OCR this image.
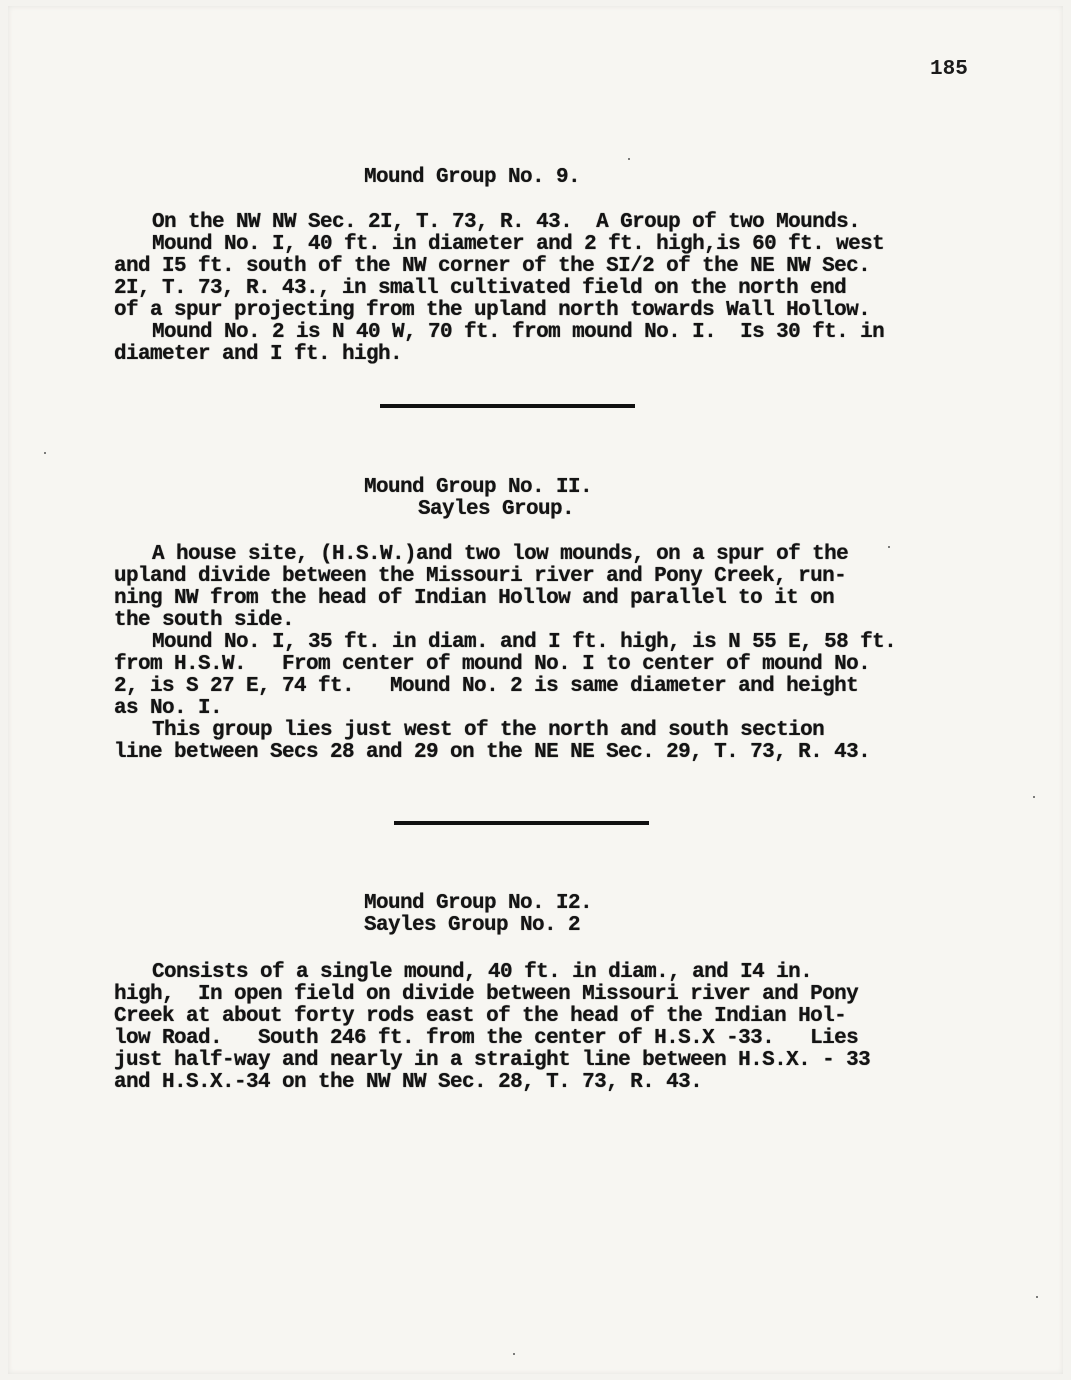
185
Mound Group No. 9.
On the NW NW Sec. 2I, T. 73, R. 43.  A Group of two Mounds.
Mound No. I, 40 ft. in diameter and 2 ft. high,is 60 ft. west
and I5 ft. south of the NW corner of the SI/2 of the NE NW Sec.
2I, T. 73, R. 43., in small cultivated field on the north end
of a spur projecting from the upland north towards Wall Hollow.
Mound No. 2 is N 40 W, 70 ft. from mound No. I.  Is 30 ft. in
diameter and I ft. high.
Mound Group No. II.
Sayles Group.
A house site, (H.S.W.)and two low mounds, on a spur of the
upland divide between the Missouri river and Pony Creek, run-
ning NW from the head of Indian Hollow and parallel to it on
the south side.
Mound No. I, 35 ft. in diam. and I ft. high, is N 55 E, 58 ft.
from H.S.W.   From center of mound No. I to center of mound No.
2, is S 27 E, 74 ft.   Mound No. 2 is same diameter and height
as No. I.
This group lies just west of the north and south section
line between Secs 28 and 29 on the NE NE Sec. 29, T. 73, R. 43.
Mound Group No. I2.
Sayles Group No. 2
Consists of a single mound, 40 ft. in diam., and I4 in.
high,  In open field on divide between Missouri river and Pony
Creek at about forty rods east of the head of the Indian Hol-
low Road.   South 246 ft. from the center of H.S.X -33.   Lies
just half-way and nearly in a straight line between H.S.X. - 33
and H.S.X.-34 on the NW NW Sec. 28, T. 73, R. 43.
